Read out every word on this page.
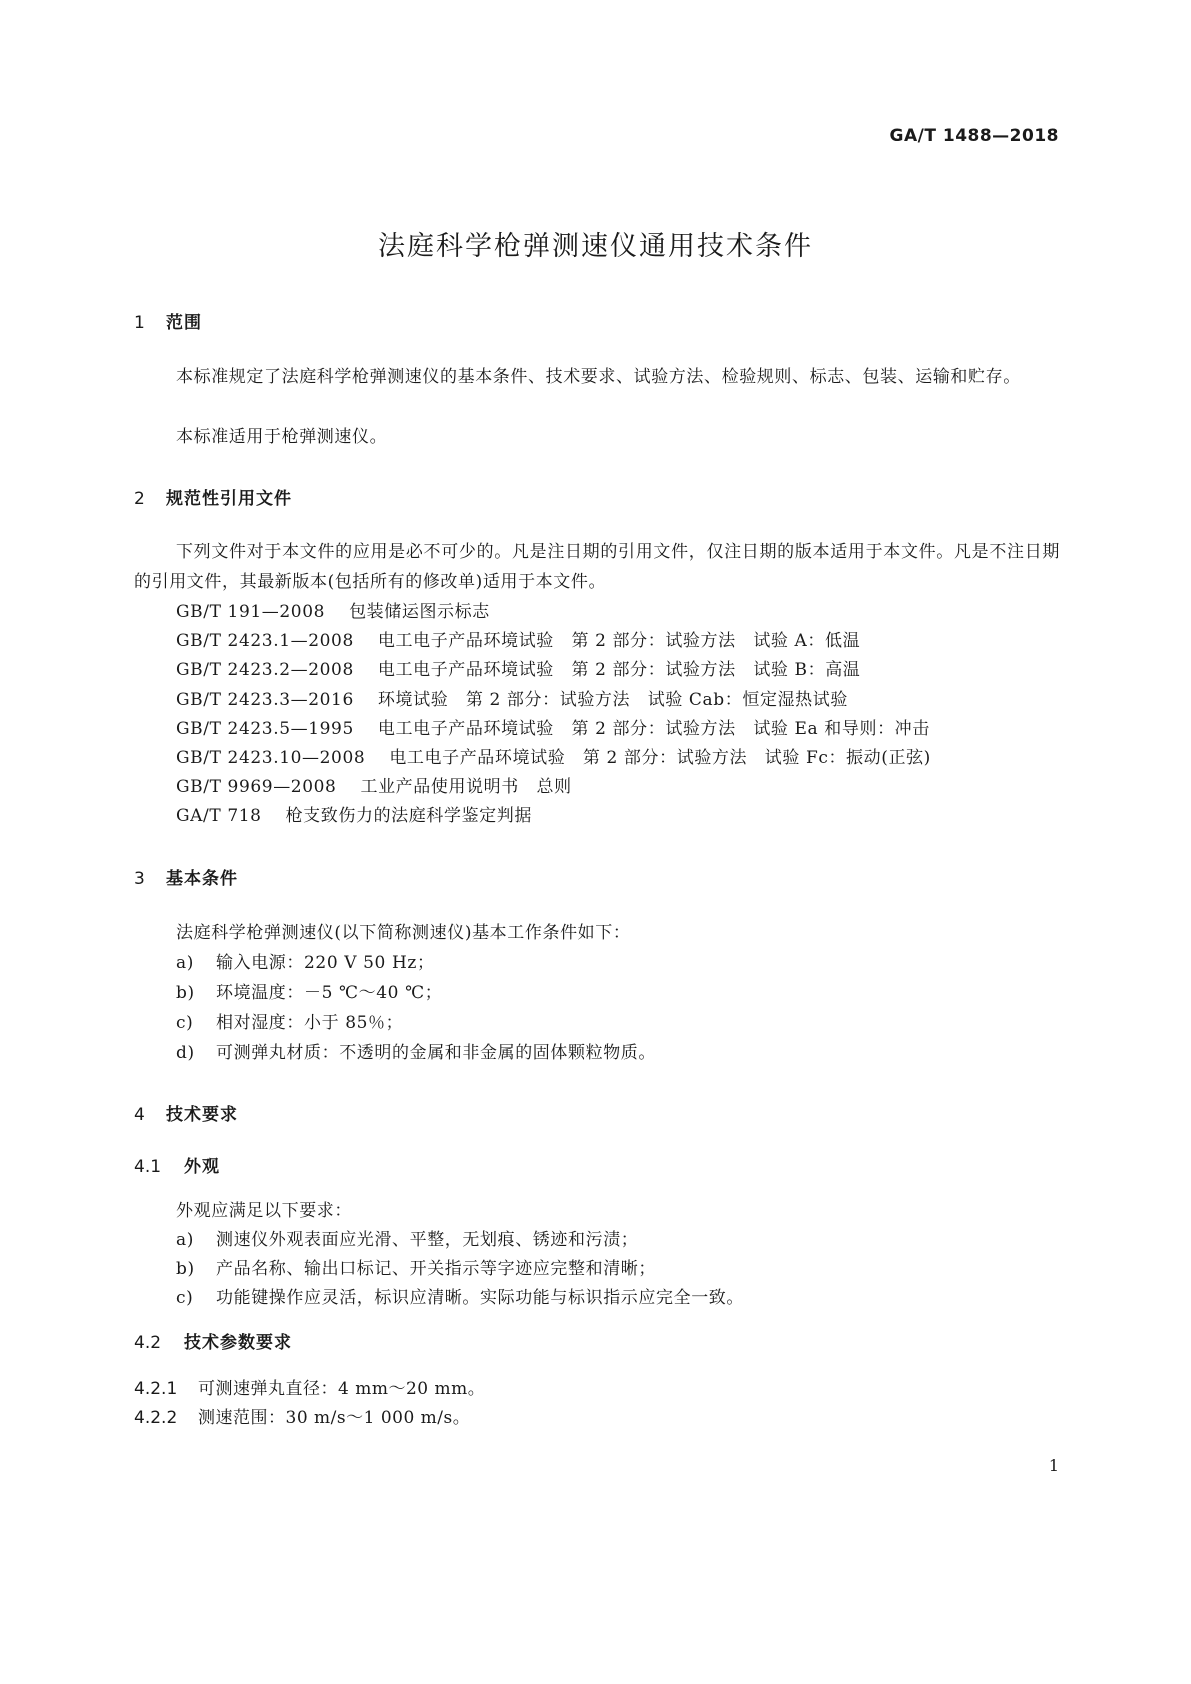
GA/T 1488—2018
法庭科学枪弹测速仪通用技术条件
1 范围
本标准规定了法庭科学枪弹测速仪的基本条件、技术要求、试验方法、检验规则、标志、包装、运输和贮存。
本标准适用于枪弹测速仪。
2 规范性引用文件
下列文件对于本文件的应用是必不可少的。凡是注日期的引用文件，仅注日期的版本适用于本文件。凡是不注日期的引用文件，其最新版本(包括所有的修改单)适用于本文件。
GB/T 191—2008 包装储运图示标志
GB/T 2423.1—2008 电工电子产品环境试验　第 2 部分：试验方法　试验 A：低温
GB/T 2423.2—2008 电工电子产品环境试验　第 2 部分：试验方法　试验 B：高温
GB/T 2423.3—2016 环境试验　第 2 部分：试验方法　试验 Cab：恒定湿热试验
GB/T 2423.5—1995 电工电子产品环境试验　第 2 部分：试验方法　试验 Ea 和导则：冲击
GB/T 2423.10—2008 电工电子产品环境试验　第 2 部分：试验方法　试验 Fc：振动(正弦)
GB/T 9969—2008 工业产品使用说明书　总则
GA/T 718 枪支致伤力的法庭科学鉴定判据
3 基本条件
法庭科学枪弹测速仪(以下简称测速仪)基本工作条件如下：
a) 输入电源：220 V 50 Hz；
b) 环境温度：－5 ℃～40 ℃；
c) 相对湿度：小于 85％；
d) 可测弹丸材质：不透明的金属和非金属的固体颗粒物质。
4 技术要求
4.1 外观
外观应满足以下要求：
a) 测速仪外观表面应光滑、平整，无划痕、锈迹和污渍；
b) 产品名称、输出口标记、开关指示等字迹应完整和清晰；
c) 功能键操作应灵活，标识应清晰。实际功能与标识指示应完全一致。
4.2 技术参数要求
4.2.1 可测速弹丸直径：4 mm～20 mm。
4.2.2 测速范围：30 m/s～1 000 m/s。
1
